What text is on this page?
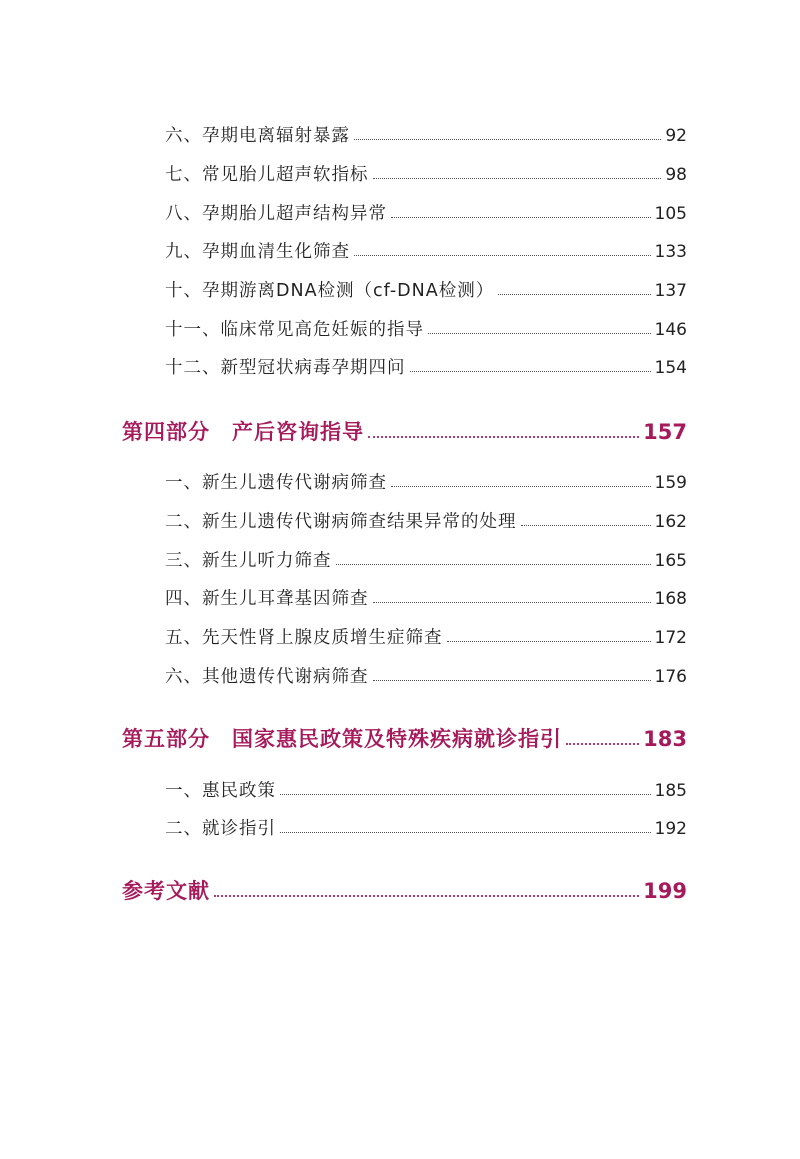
六、孕期电离辐射暴露	92
七、常见胎儿超声软指标	98
八、孕期胎儿超声结构异常	105
九、孕期血清生化筛查	133
十、孕期游离DNA检测（cf-DNA检测）	137
十一、临床常见高危妊娠的指导	146
十二、新型冠状病毒孕期四问	154
第四部分 产后咨询指导	157
一、新生儿遗传代谢病筛查	159
二、新生儿遗传代谢病筛查结果异常的处理	162
三、新生儿听力筛查	165
四、新生儿耳聋基因筛查	168
五、先天性肾上腺皮质增生症筛查	172
六、其他遗传代谢病筛查	176
第五部分 国家惠民政策及特殊疾病就诊指引	183
一、惠民政策	185
二、就诊指引	192
参考文献	199
